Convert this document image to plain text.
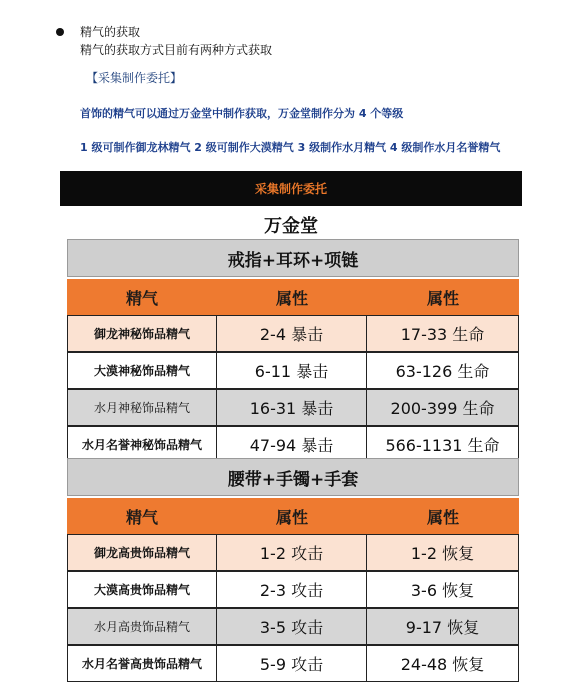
精气的获取
精气的获取方式目前有两种方式获取
【采集制作委托】
首饰的精气可以通过万金堂中制作获取，万金堂制作分为 4 个等级
1 级可制作御龙林精气 2 级可制作大漠精气 3 级制作水月精气 4 级制作水月名誉精气
采集制作委托
万金堂
戒指+耳环+项链
精气	属性	属性
御龙神秘饰品精气	2-4 暴击	17-33 生命
大漠神秘饰品精气	6-11 暴击	63-126 生命
水月神秘饰品精气	16-31 暴击	200-399 生命
水月名誉神秘饰品精气	47-94 暴击	566-1131 生命
腰带+手镯+手套
精气	属性	属性
御龙高贵饰品精气	1-2 攻击	1-2 恢复
大漠高贵饰品精气	2-3 攻击	3-6 恢复
水月高贵饰品精气	3-5 攻击	9-17 恢复
水月名誉高贵饰品精气	5-9 攻击	24-48 恢复
